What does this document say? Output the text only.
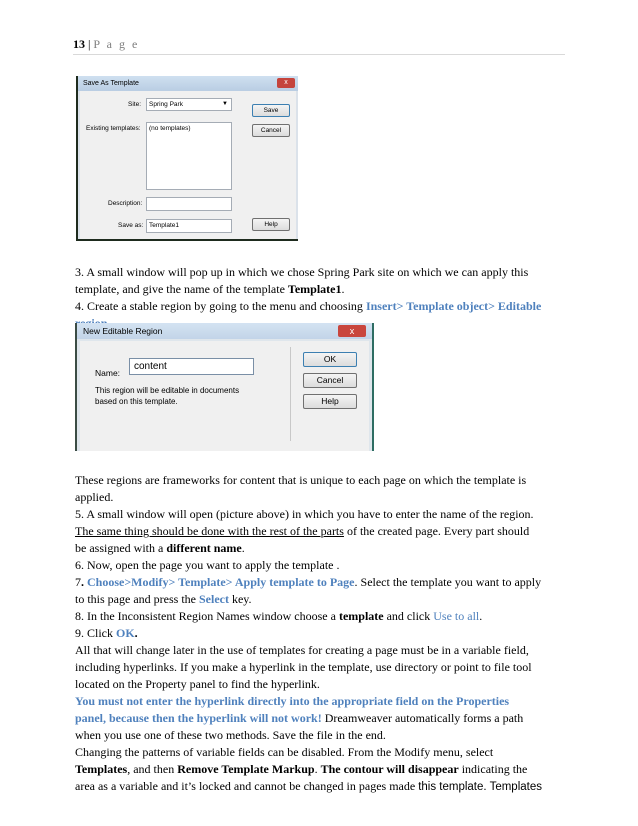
13 | P a g e
Save As Template	x
Site:	Spring Park	▼
Existing templates:	(no templates)
Description:
Save as: Template1
Save
Cancel
Help

3. A small window will pop up in which we chose Spring Park site on which we can apply this

template, and give the name of the template Template1.

4. Create a stable region by going to the menu and choosing Insert> Template object> Editable

New Editable Region	x
Name:
content
This region will be editable in documents based on this template.
OK
Cancel
Help

These regions are frameworks for content that is unique to each page on which the template is

applied.

5. A small window will open (picture above) in which you have to enter the name of the region.

The same thing should be done with the rest of the parts of the created page. Every part should

be assigned with a different name.

6. Now, open the page you want to apply the template .

7. Choose>Modify> Template> Apply template to Page. Select the template you want to apply

to this page and press the Select key.

8. In the Inconsistent Region Names window choose a template and click Use to all.

9. Click OK.

All that will change later in the use of templates for creating a page must be in a variable field,

including hyperlinks. If you make a hyperlink in the template, use directory or point to file tool

located on the Property panel to find the hyperlink.

You must not enter the hyperlink directly into the appropriate field on the Properties

panel, because then the hyperlink will not work! Dreamweaver automatically forms a path

when you use one of these two methods. Save the file in the end.

Changing the patterns of variable fields can be disabled. From the Modify menu, select

Templates, and then Remove Template Markup. The contour will disappear indicating the

area as a variable and it’s locked and cannot be changed in pages made this template. Templates
